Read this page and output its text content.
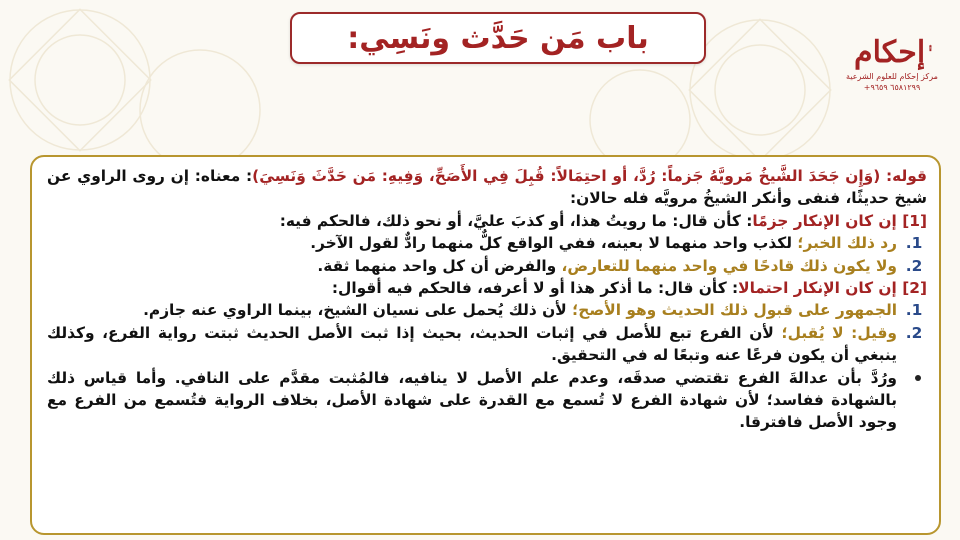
باب مَن حَدَّث ونَسِي:	إحكام
مركز إحكام للعلوم الشرعية
+۹٦٥ ٦٥٩۸۱۲۹۹

قوله: (وَإِن جَحَدَ الشَّيخُ مَرويَّهُ جَزماً: رُدَّ، أو احتِمَالاً: قُبِلَ فِي الأَصَحِّ، وَفِيهِ: مَن حَدَّثَ وَنَسِيَ): معناه: إن روى الراوي عن شيخ حديثًا، فنفى وأنكر الشيخُ مرويَّه فله حالان:

[1] إن كان الإنكار جزمًا: كأن قال: ما رويتُ هذا، أو كذبَ عليَّ، أو نحو ذلك، فالحكم فيه:

1.
رد ذلك الخبر؛ لكذب واحد منهما لا بعينه، ففي الواقع كلٌّ منهما رادٌّ لقول الآخر.
2.
ولا يكون ذلك قادحًا في واحد منهما للتعارض، والفرض أن كل واحد منهما ثقة.

[2] إن كان الإنكار احتمالا: كأن قال: ما أذكر هذا أو لا أعرفه، فالحكم فيه أقوال:

1.
الجمهور على قبول ذلك الحديث وهو الأصح؛ لأن ذلك يُحمل على نسيان الشيخ، بينما الراوي عنه جازم.
2.
وقيل: لا يُقبل؛ لأن الفرع تبع للأصل في إثبات الحديث، بحيث إذا ثبت الأصل الحديث ثبتت رواية الفرع، وكذلك ينبغي أن يكون فرعًا عنه وتبعًا له في التحقيق.
ورُدَّ بأن عدالةَ الفرع تقتضي صدقَه، وعدم علم الأصل لا ينافيه، فالمُثبت مقدَّم على النافي. وأما قياس ذلك بالشهادة ففاسد؛ لأن شهادة الفرع لا تُسمع مع القدرة على شهادة الأصل، بخلاف الرواية فتُسمع من الفرع مع وجود الأصل فافترقا.
